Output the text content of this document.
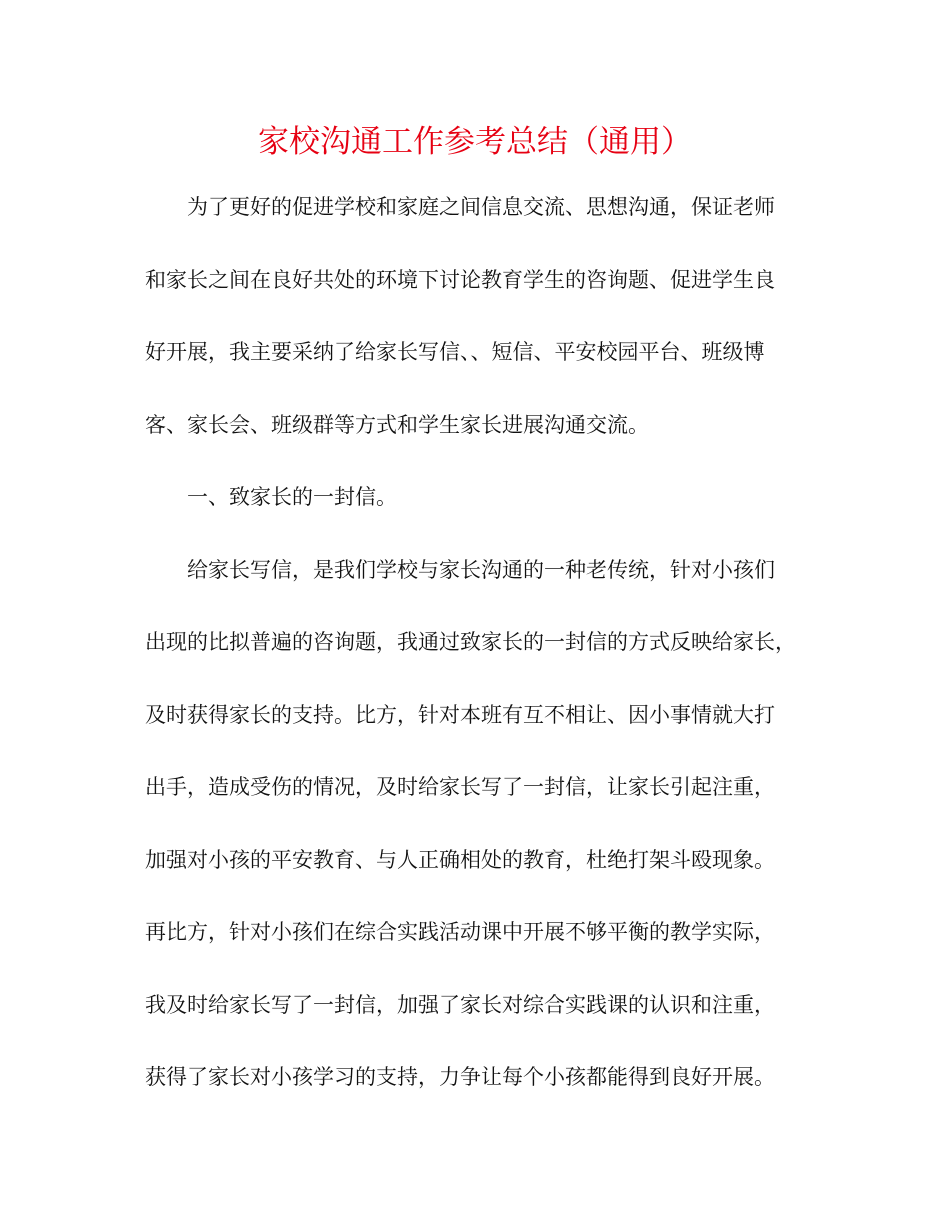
家校沟通工作参考总结（通用）
为了更好的促进学校和家庭之间信息交流、思想沟通，保证老师
和家长之间在良好共处的环境下讨论教育学生的咨询题、促进学生良
好开展，我主要采纳了给家长写信、、短信、平安校园平台、班级博
客、家长会、班级群等方式和学生家长进展沟通交流。
一、致家长的一封信。
给家长写信，是我们学校与家长沟通的一种老传统，针对小孩们
出现的比拟普遍的咨询题，我通过致家长的一封信的方式反映给家长，
及时获得家长的支持。比方，针对本班有互不相让、因小事情就大打
出手，造成受伤的情况，及时给家长写了一封信，让家长引起注重，
加强对小孩的平安教育、与人正确相处的教育，杜绝打架斗殴现象。
再比方，针对小孩们在综合实践活动课中开展不够平衡的教学实际，
我及时给家长写了一封信，加强了家长对综合实践课的认识和注重，
获得了家长对小孩学习的支持，力争让每个小孩都能得到良好开展。
